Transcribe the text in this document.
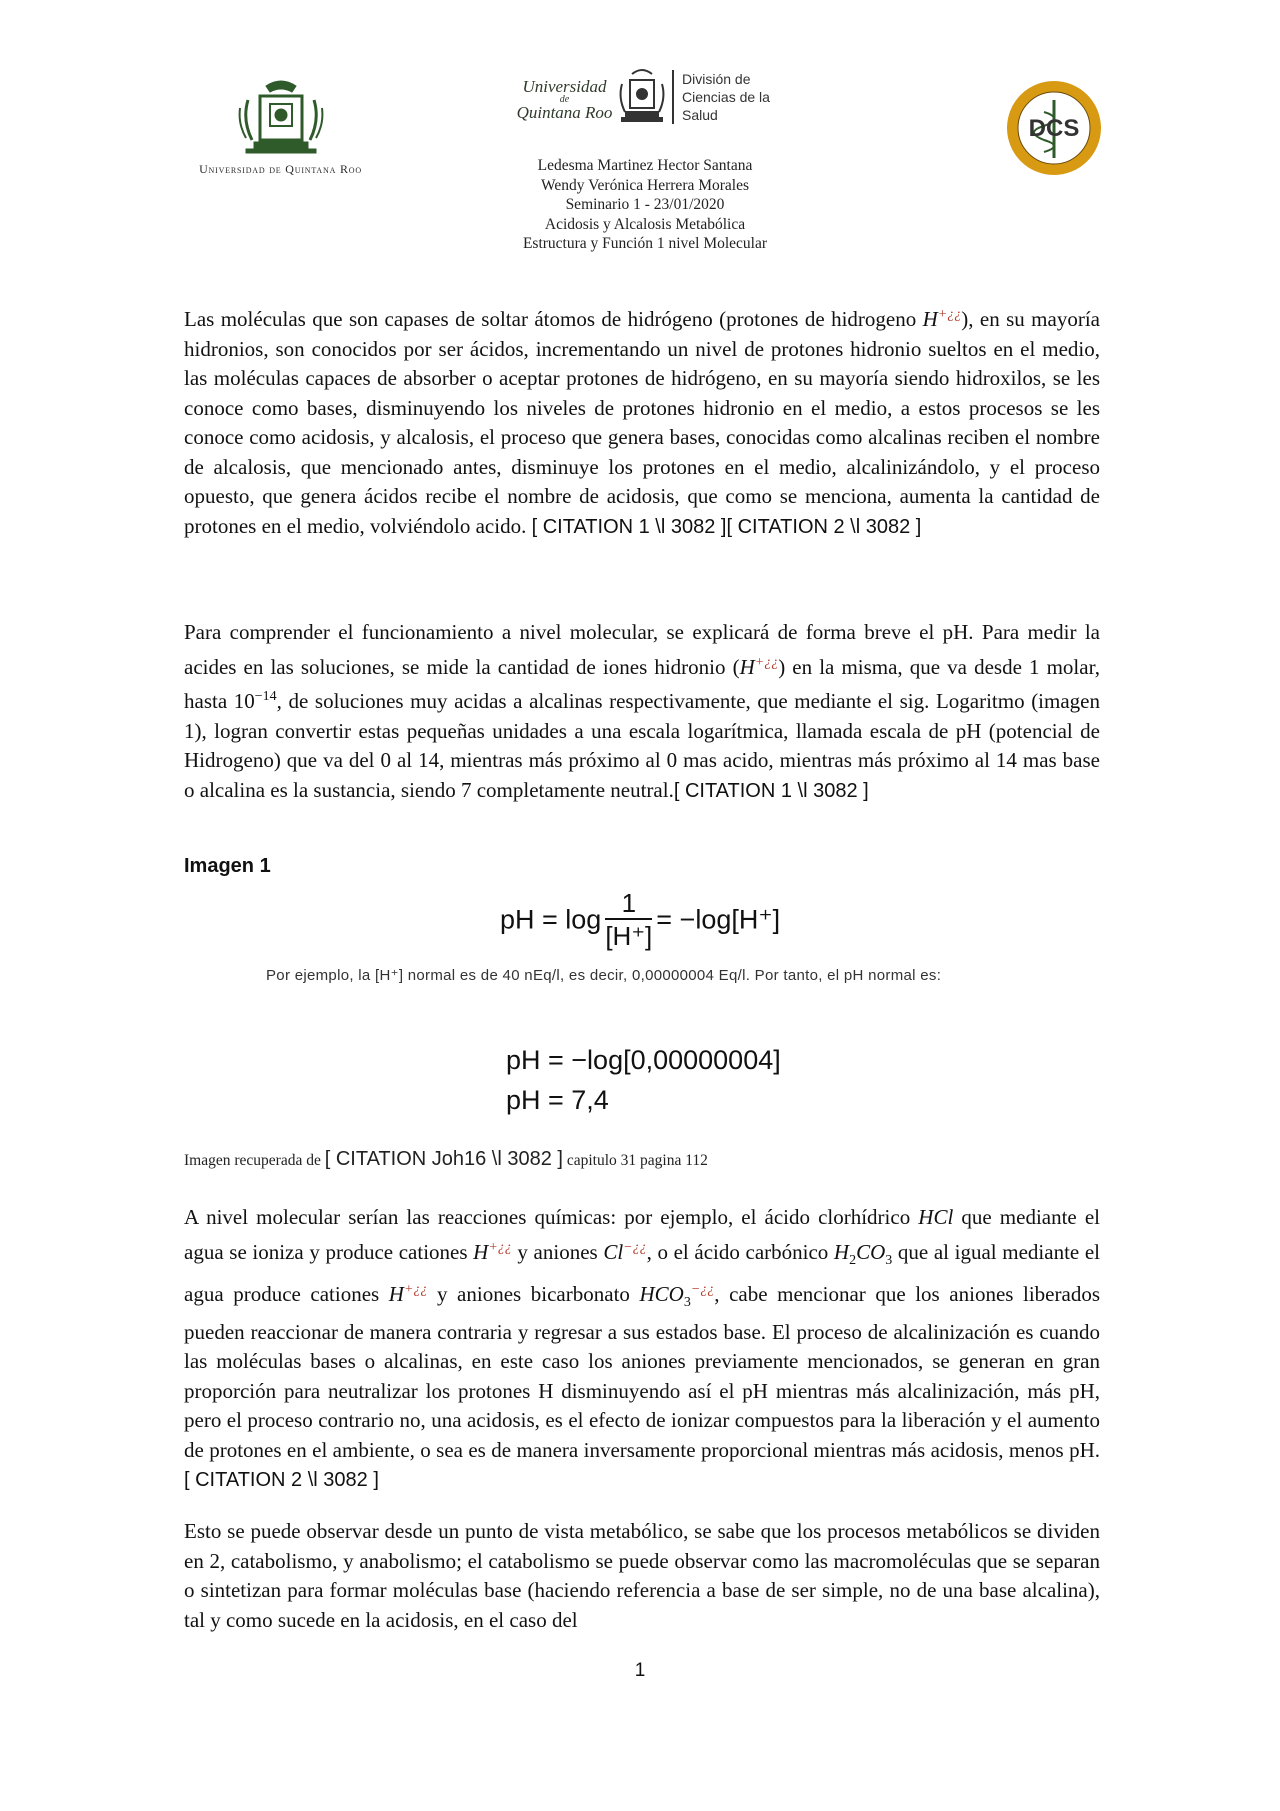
Universidad de Quintana Roo
Universidad
de
Quintana Roo
División de
Ciencias de la
Salud	DCS
Ledesma Martinez Hector Santana
Wendy Verónica Herrera Morales
Seminario 1 - 23/01/2020
Acidosis y Alcalosis Metabólica
Estructura y Función 1 nivel Molecular

Las moléculas que son capases de soltar átomos de hidrógeno (protones de hidrogeno H+¿¿), en su mayoría hidronios, son conocidos por ser ácidos, incrementando un nivel de protones hidronio sueltos en el medio, las moléculas capaces de absorber o aceptar protones de hidrógeno, en su mayoría siendo hidroxilos, se les conoce como bases, disminuyendo los niveles de protones hidronio en el medio, a estos procesos se les conoce como acidosis, y alcalosis, el proceso que genera bases, conocidas como alcalinas reciben el nombre de alcalosis, que mencionado antes, disminuye los protones en el medio, alcalinizándolo, y el proceso opuesto, que genera ácidos recibe el nombre de acidosis, que como se menciona, aumenta la cantidad de protones en el medio, volviéndolo acido. [ CITATION 1 \l 3082 ][ CITATION 2 \l 3082 ]

Para comprender el funcionamiento a nivel molecular, se explicará de forma breve el pH. Para medir la acides en las soluciones, se mide la cantidad de iones hidronio (H+¿¿) en la misma, que va desde 1 molar, hasta $10^{-14}$, de soluciones muy acidas a alcalinas respectivamente, que mediante el sig. Logaritmo (imagen 1), logran convertir estas pequeñas unidades a una escala logarítmica, llamada escala de pH (potencial de Hidrogeno) que va del 0 al 14, mientras más próximo al 0 mas acido, mientras más próximo al 14 mas base o alcalina es la sustancia, siendo 7 completamente neutral.[ CITATION 1 \l 3082 ]

Imagen 1
pH = $\log \frac{1}{[H^+]} = -\log[H^+]$
Por ejemplo, la [H⁺] normal es de 40 nEq/l, es decir, 0,00000004 Eq/l. Por tanto, el pH normal es:
pH = −log[0,00000004]
pH = 7,4
Imagen recuperada de [ CITATION Joh16 \l 3082 ] capitulo 31 pagina 112

A nivel molecular serían las reacciones químicas: por ejemplo, el ácido clorhídrico HCl que mediante el agua se ioniza y produce cationes H+¿¿ y aniones Cl−¿¿, o el ácido carbónico $H_2CO_3$ que al igual mediante el agua produce cationes H+¿¿ y aniones bicarbonato $HCO_3^{-¿¿}$, cabe mencionar que los aniones liberados pueden reaccionar de manera contraria y regresar a sus estados base. El proceso de alcalinización es cuando las moléculas bases o alcalinas, en este caso los aniones previamente mencionados, se generan en gran proporción para neutralizar los protones H disminuyendo así el pH mientras más alcalinización, más pH, pero el proceso contrario no, una acidosis, es el efecto de ionizar compuestos para la liberación y el aumento de protones en el ambiente, o sea es de manera inversamente proporcional mientras más acidosis, menos pH. [ CITATION 2 \l 3082 ]

Esto se puede observar desde un punto de vista metabólico, se sabe que los procesos metabólicos se dividen en 2, catabolismo, y anabolismo; el catabolismo se puede observar como las macromoléculas que se separan o sintetizan para formar moléculas base (haciendo referencia a base de ser simple, no de una base alcalina), tal y como sucede en la acidosis, en el caso del

1
